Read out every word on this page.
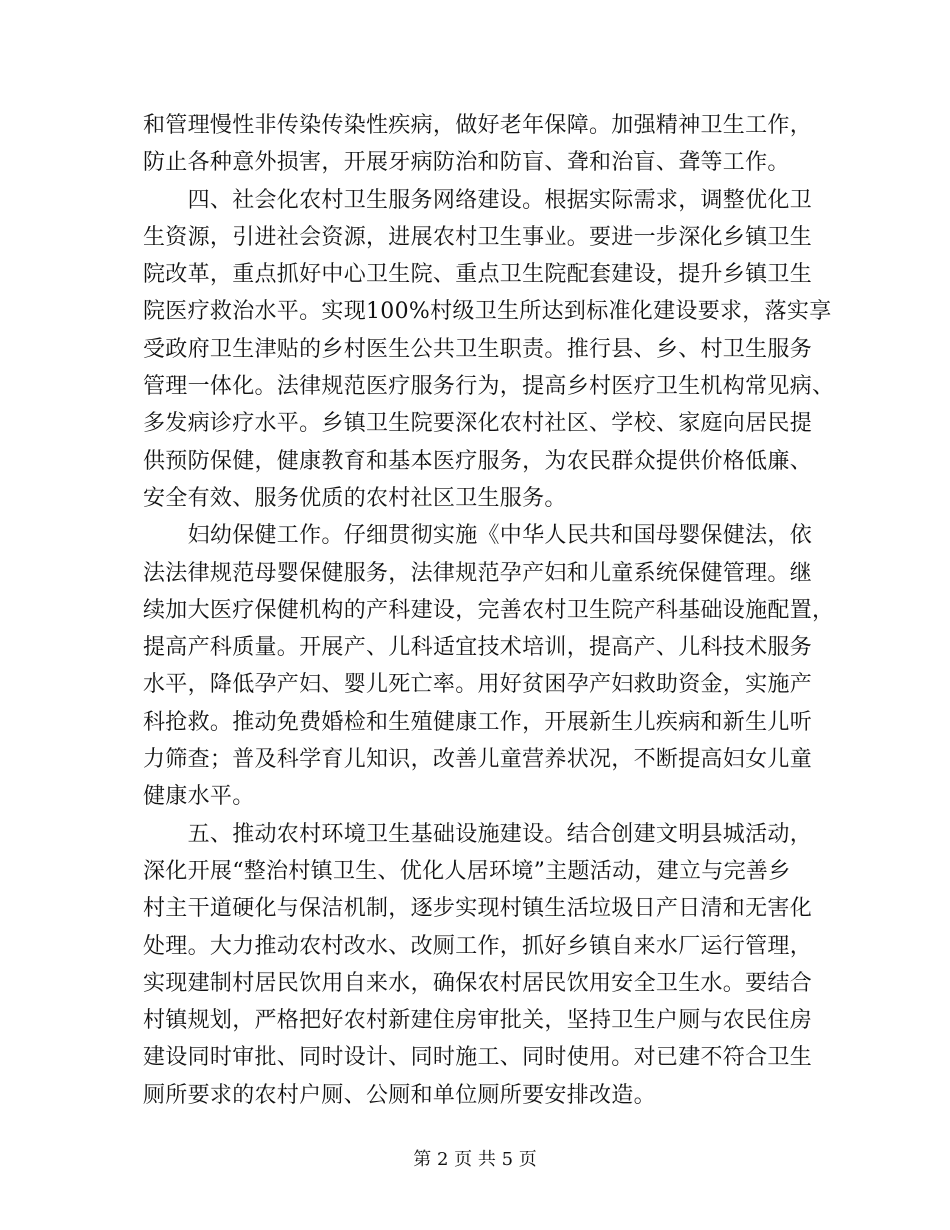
和管理慢性非传染传染性疾病，做好老年保障。加强精神卫生工作，
防止各种意外损害，开展牙病防治和防盲、聋和治盲、聋等工作。
　　四、社会化农村卫生服务网络建设。根据实际需求，调整优化卫
生资源，引进社会资源，进展农村卫生事业。要进一步深化乡镇卫生
院改革，重点抓好中心卫生院、重点卫生院配套建设，提升乡镇卫生
院医疗救治水平。实现100%村级卫生所达到标准化建设要求，落实享
受政府卫生津贴的乡村医生公共卫生职责。推行县、乡、村卫生服务
管理一体化。法律规范医疗服务行为，提高乡村医疗卫生机构常见病、
多发病诊疗水平。乡镇卫生院要深化农村社区、学校、家庭向居民提
供预防保健，健康教育和基本医疗服务，为农民群众提供价格低廉、
安全有效、服务优质的农村社区卫生服务。
　　妇幼保健工作。仔细贯彻实施《中华人民共和国母婴保健法，依
法法律规范母婴保健服务，法律规范孕产妇和儿童系统保健管理。继
续加大医疗保健机构的产科建设，完善农村卫生院产科基础设施配置，
提高产科质量。开展产、儿科适宜技术培训，提高产、儿科技术服务
水平，降低孕产妇、婴儿死亡率。用好贫困孕产妇救助资金，实施产
科抢救。推动免费婚检和生殖健康工作，开展新生儿疾病和新生儿听
力筛查；普及科学育儿知识，改善儿童营养状况，不断提高妇女儿童
健康水平。
　　五、推动农村环境卫生基础设施建设。结合创建文明县城活动，
深化开展“整治村镇卫生、优化人居环境”主题活动，建立与完善乡
村主干道硬化与保洁机制，逐步实现村镇生活垃圾日产日清和无害化
处理。大力推动农村改水、改厕工作，抓好乡镇自来水厂运行管理，
实现建制村居民饮用自来水，确保农村居民饮用安全卫生水。要结合
村镇规划，严格把好农村新建住房审批关，坚持卫生户厕与农民住房
建设同时审批、同时设计、同时施工、同时使用。对已建不符合卫生
厕所要求的农村户厕、公厕和单位厕所要安排改造。
第 2 页 共 5 页
